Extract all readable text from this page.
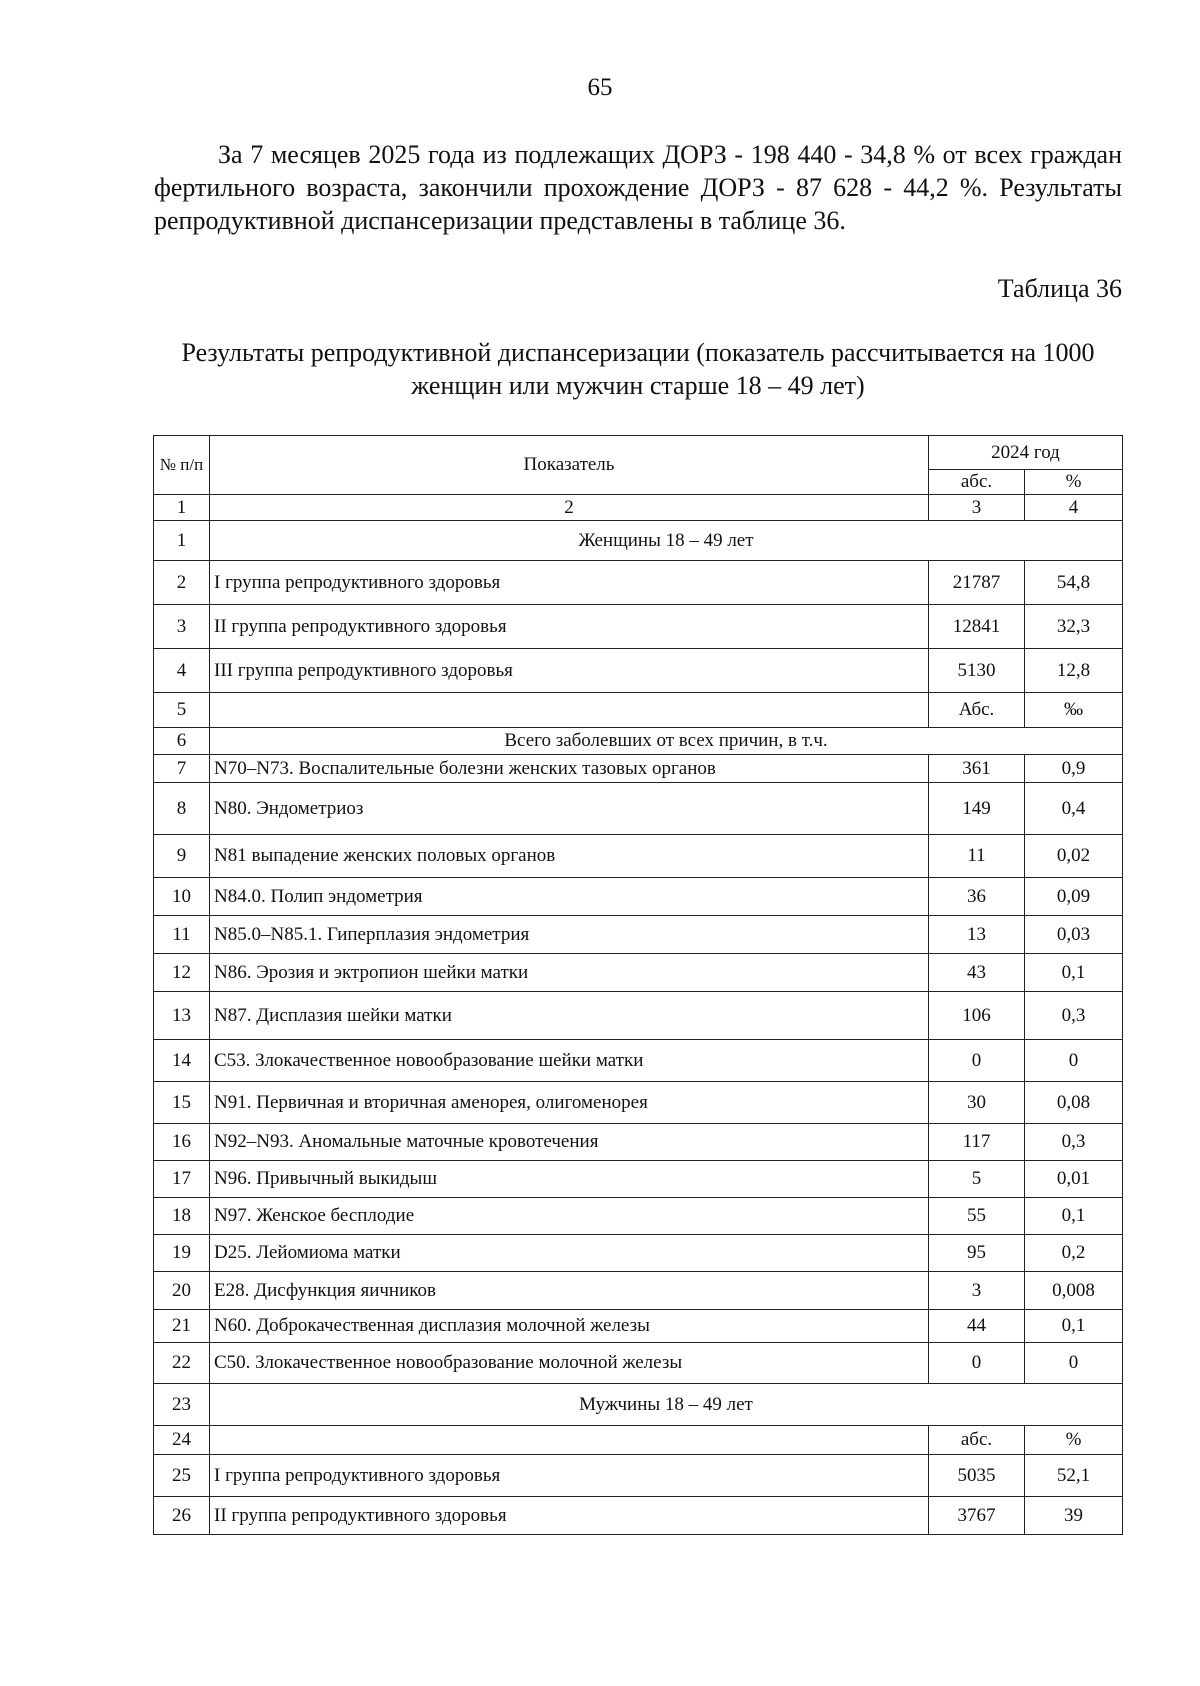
65
За 7 месяцев 2025 года из подлежащих ДОРЗ - 198 440 - 34,8 % от всех граждан фертильного возраста, закончили прохождение ДОРЗ - 87 628 - 44,2 %. Результаты репродуктивной диспансеризации представлены в таблице 36.
Таблица 36
Результаты репродуктивной диспансеризации (показатель рассчитывается на 1000 женщин или мужчин старше 18 – 49 лет)
№ п/п	Показатель	2024 год	
		абс.	%
1	2	3	4
1	Женщины 18 – 49 лет		
2	I группа репродуктивного здоровья	21787	54,8
3	II группа репродуктивного здоровья	12841	32,3
4	III группа репродуктивного здоровья	5130	12,8
5		Абс.	‰
6	Всего заболевших от всех причин, в т.ч.		
7	N70–N73. Воспалительные болезни женских тазовых органов	361	0,9
8	N80. Эндометриоз	149	0,4
9	N81 выпадение женских половых органов	11	0,02
10	N84.0. Полип эндометрия	36	0,09
11	N85.0–N85.1. Гиперплазия эндометрия	13	0,03
12	N86. Эрозия и эктропион шейки матки	43	0,1
13	N87. Дисплазия шейки матки	106	0,3
14	C53. Злокачественное новообразование шейки матки	0	0
15	N91. Первичная и вторичная аменорея, олигоменорея	30	0,08
16	N92–N93. Аномальные маточные кровотечения	117	0,3
17	N96. Привычный выкидыш	5	0,01
18	N97. Женское бесплодие	55	0,1
19	D25. Лейомиома матки	95	0,2
20	E28. Дисфункция яичников	3	0,008
21	N60. Доброкачественная дисплазия молочной железы	44	0,1
22	C50. Злокачественное новообразование молочной железы	0	0
23	Мужчины 18 – 49 лет		
24		абс.	%
25	I группа репродуктивного здоровья	5035	52,1
26	II группа репродуктивного здоровья	3767	39
